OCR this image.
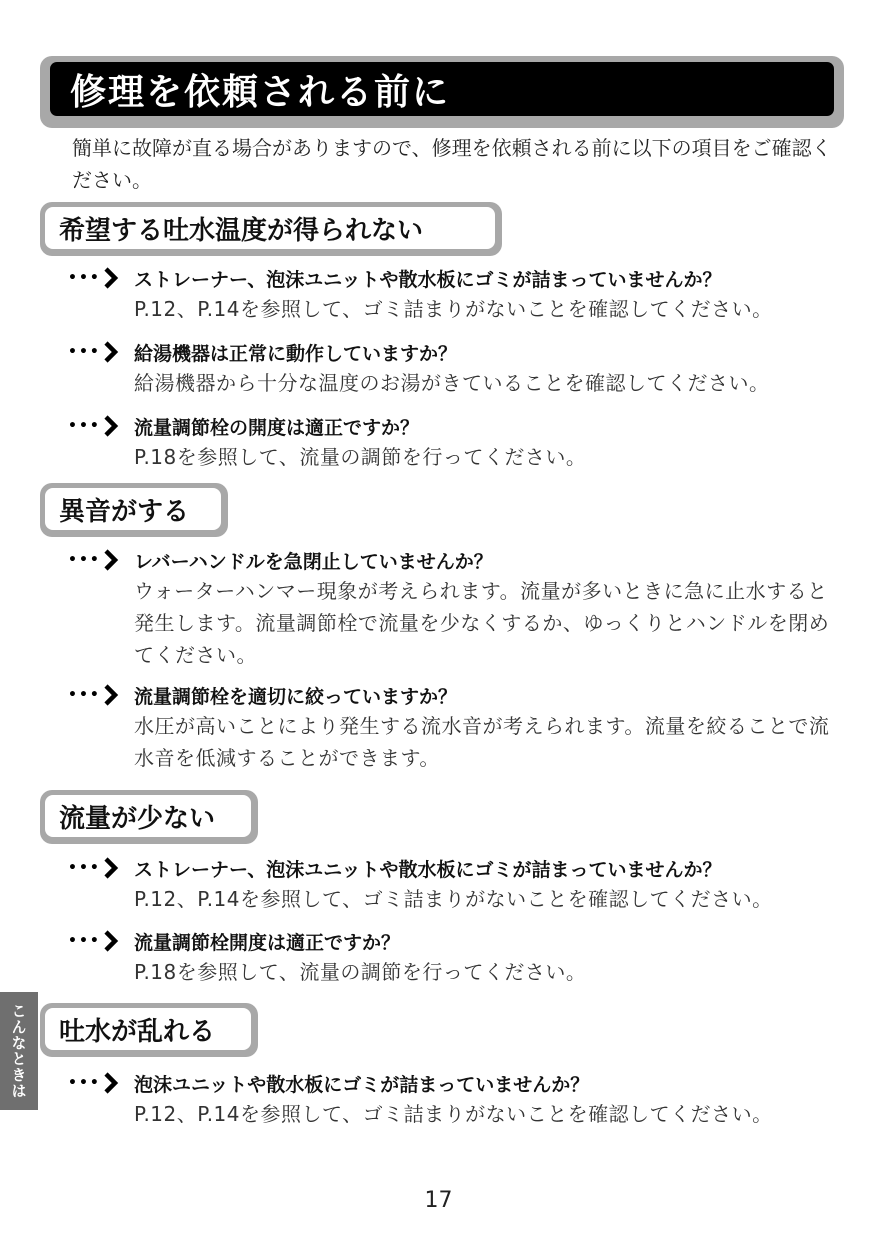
修理を依頼される前に
簡単に故障が直る場合がありますので、修理を依頼される前に以下の項目をご確認ください。
希望する吐水温度が得られない
••• ストレーナー、泡沫ユニットや散水板にゴミが詰まっていませんか？
P.12、P.14を参照して、ゴミ詰まりがないことを確認してください。
••• 給湯機器は正常に動作していますか？
給湯機器から十分な温度のお湯がきていることを確認してください。
••• 流量調節栓の開度は適正ですか？
P.18を参照して、流量の調節を行ってください。
異音がする
••• レバーハンドルを急閉止していませんか？
ウォーターハンマー現象が考えられます。流量が多いときに急に止水すると発生します。流量調節栓で流量を少なくするか、ゆっくりとハンドルを閉めてください。
••• 流量調節栓を適切に絞っていますか？
水圧が高いことにより発生する流水音が考えられます。流量を絞ることで流水音を低減することができます。
流量が少ない
••• ストレーナー、泡沫ユニットや散水板にゴミが詰まっていませんか？
P.12、P.14を参照して、ゴミ詰まりがないことを確認してください。
••• 流量調節栓開度は適正ですか？
P.18を参照して、流量の調節を行ってください。
吐水が乱れる
••• 泡沫ユニットや散水板にゴミが詰まっていませんか？
P.12、P.14を参照して、ゴミ詰まりがないことを確認してください。
こんなときは
17
